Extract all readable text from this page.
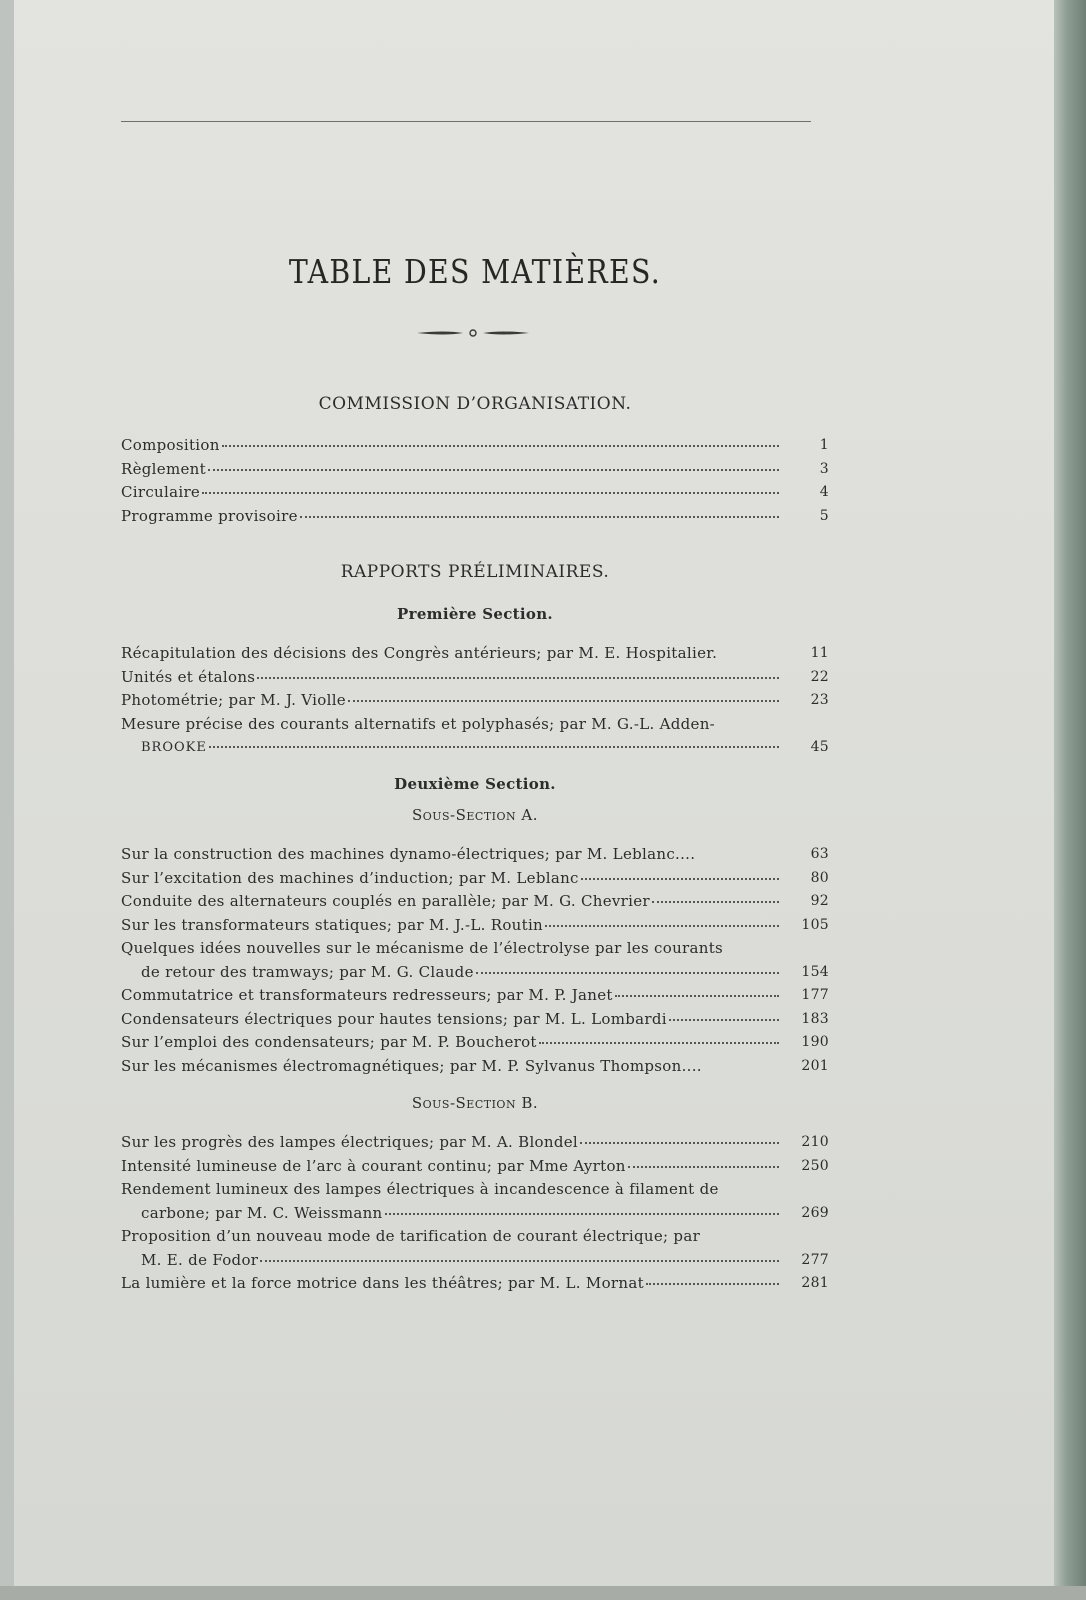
TABLE DES MATIÈRES.
COMMISSION D’ORGANISATION.
Composition	1
Règlement	3
Circulaire	4
Programme provisoire	5
RAPPORTS PRÉLIMINAIRES.
Première Section.
Récapitulation des décisions des Congrès antérieurs; par M. E. Hospitalier.	11
Unités et étalons	22
Photométrie; par M. J. Violle	23
Mesure précise des courants alternatifs et polyphasés; par M. G.-L. Adden-
BROOKE	45
Deuxième Section.
Sous-Section A.
Sur la construction des machines dynamo-électriques; par M. Leblanc....	63
Sur l’excitation des machines d’induction; par M. Leblanc	80
Conduite des alternateurs couplés en parallèle; par M. G. Chevrier	92
Sur les transformateurs statiques; par M. J.-L. Routin	105
Quelques idées nouvelles sur le mécanisme de l’électrolyse par les courants
de retour des tramways; par M. G. Claude	154
Commutatrice et transformateurs redresseurs; par M. P. Janet	177
Condensateurs électriques pour hautes tensions; par M. L. Lombardi	183
Sur l’emploi des condensateurs; par M. P. Boucherot	190
Sur les mécanismes électromagnétiques; par M. P. Sylvanus Thompson....	201
Sous-Section B.
Sur les progrès des lampes électriques; par M. A. Blondel	210
Intensité lumineuse de l’arc à courant continu; par Mme Ayrton	250
Rendement lumineux des lampes électriques à incandescence à filament de
carbone; par M. C. Weissmann	269
Proposition d’un nouveau mode de tarification de courant électrique; par
M. E. de Fodor	277
La lumière et la force motrice dans les théâtres; par M. L. Mornat	281
